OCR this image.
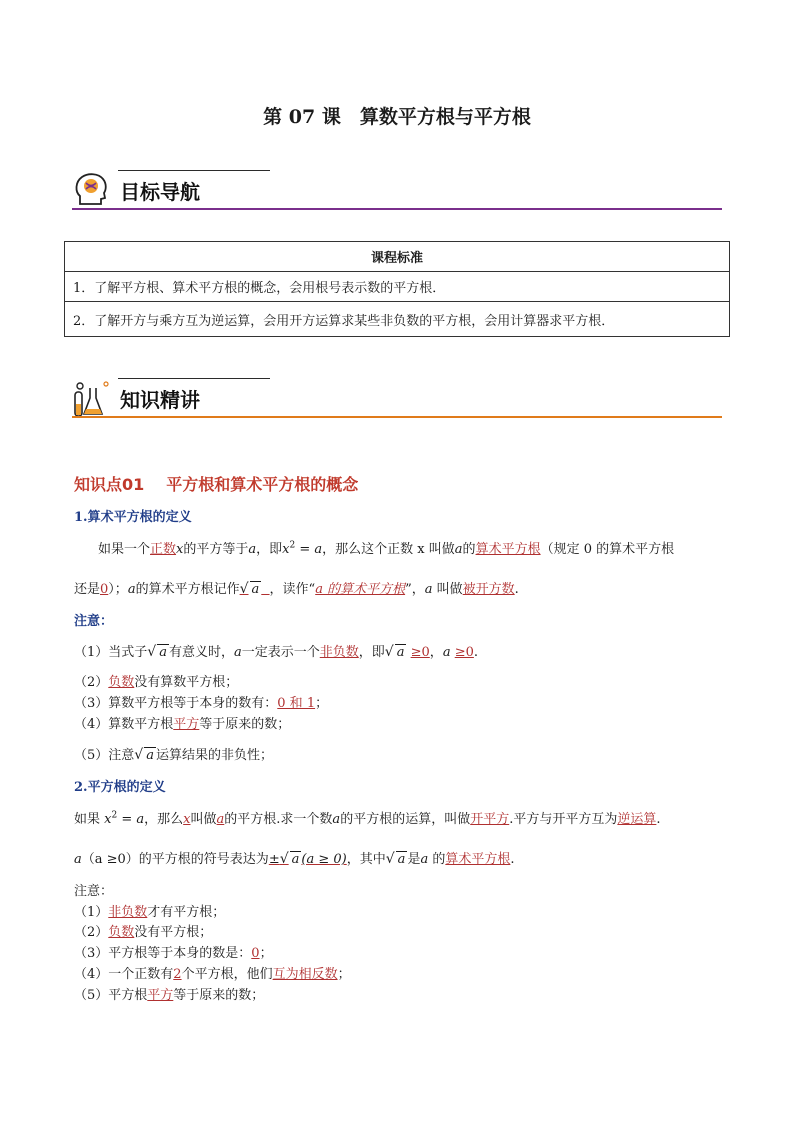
第 07 课　算数平方根与平方根
目标导航
课程标准
1．了解平方根、算术平方根的概念，会用根号表示数的平方根．
2．了解开方与乘方互为逆运算，会用开方运算求某些非负数的平方根，会用计算器求平方根．
知识精讲
知识点01 平方根和算术平方根的概念
1.算术平方根的定义
如果一个正数x的平方等于a，即$x^2 = a$，那么这个正数 x 叫做a的算术平方根（规定 0 的算术平方根
还是0）；a的算术平方根记作√ a ，读作“a 的算术平方根”，a 叫做被开方数.
注意：
（1）当式子√ a 有意义时，a一定表示一个非负数，即√ a ≥0，a ≥0.
（2）负数没有算数平方根；
（3）算数平方根等于本身的数有：0 和 1；
（4）算数平方根平方等于原来的数；
（5）注意√ a 运算结果的非负性；
2.平方根的定义
如果 $x^2 = a$，那么x叫做a的平方根.求一个数a的平方根的运算，叫做开平方.平方与开平方互为逆运算.
a（a ≥0）的平方根的符号表达为±√ a (a ≥ 0)，其中√ a 是a 的算术平方根.
注意：
（1）非负数才有平方根；
（2）负数没有平方根；
（3）平方根等于本身的数是：0；
（4）一个正数有2个平方根，他们互为相反数；
（5）平方根平方等于原来的数；
